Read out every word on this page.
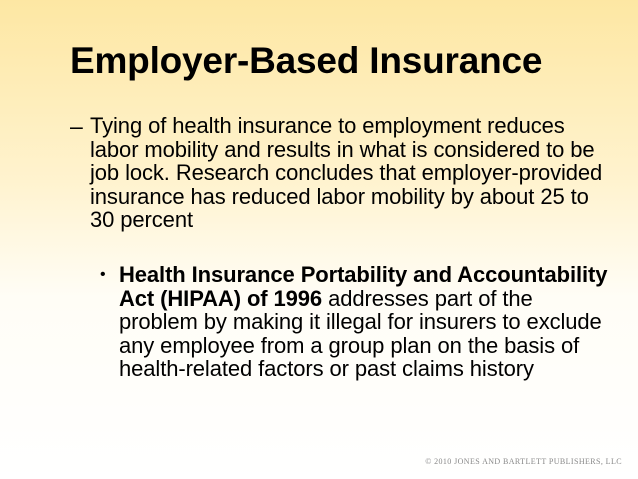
Employer-Based Insurance
– Tying of health insurance to employment reduces labor mobility and results in what is considered to be job lock. Research concludes that employer-provided insurance has reduced labor mobility by about 25 to 30 percent
• Health Insurance Portability and Accountability Act (HIPAA) of 1996 addresses part of the problem by making it illegal for insurers to exclude any employee from a group plan on the basis of health-related factors or past claims history
© 2010 JONES AND BARTLETT PUBLISHERS, LLC
